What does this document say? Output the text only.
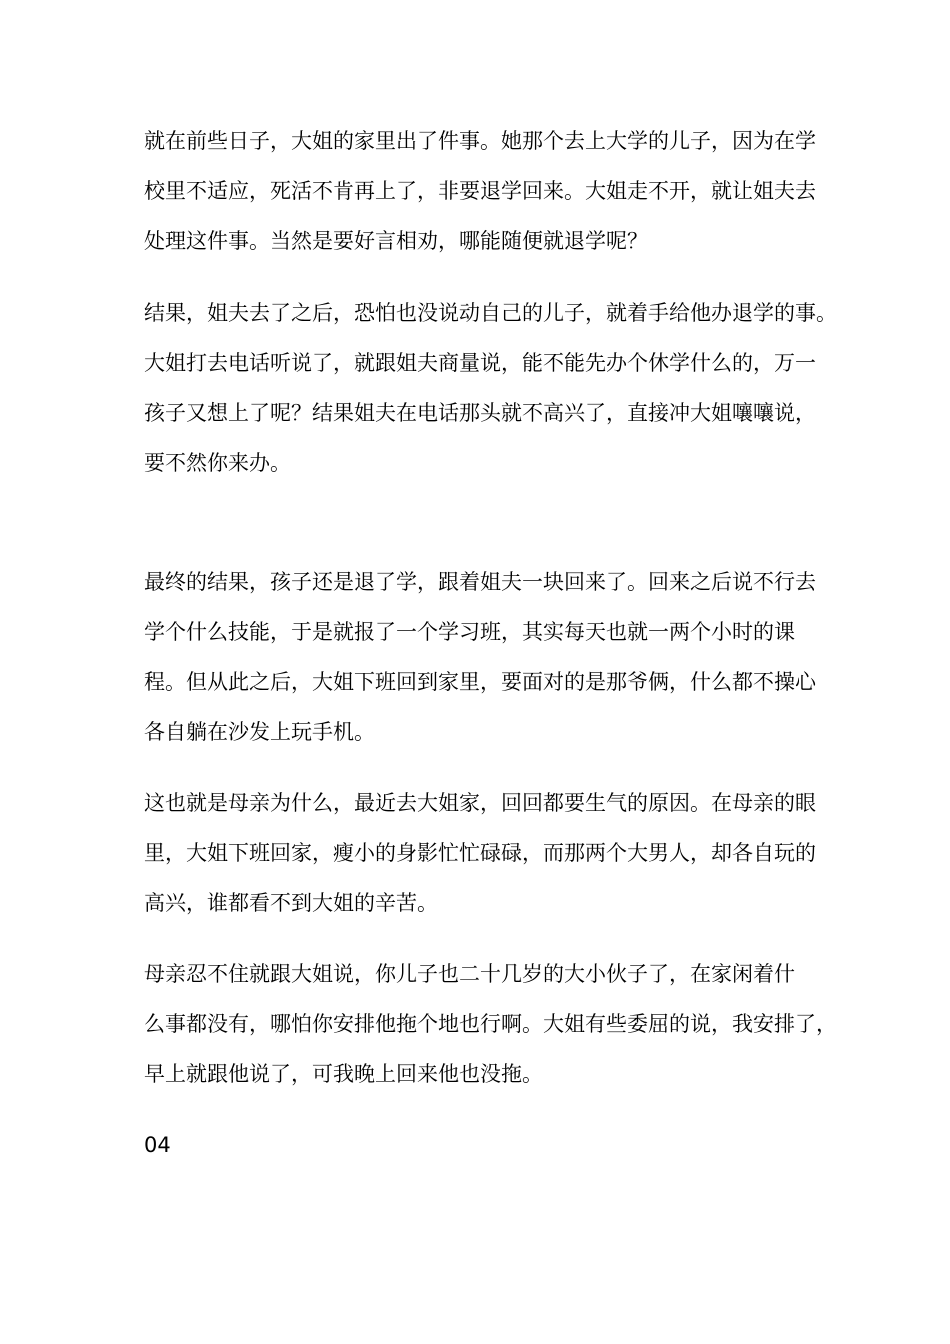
就在前些日子，大姐的家里出了件事。她那个去上大学的儿子，因为在学
校里不适应，死活不肯再上了，非要退学回来。大姐走不开，就让姐夫去
处理这件事。当然是要好言相劝，哪能随便就退学呢？

结果，姐夫去了之后，恐怕也没说动自己的儿子，就着手给他办退学的事。
大姐打去电话听说了，就跟姐夫商量说，能不能先办个休学什么的，万一
孩子又想上了呢？结果姐夫在电话那头就不高兴了，直接冲大姐嚷嚷说，
要不然你来办。

最终的结果，孩子还是退了学，跟着姐夫一块回来了。回来之后说不行去
学个什么技能，于是就报了一个学习班，其实每天也就一两个小时的课
程。但从此之后，大姐下班回到家里，要面对的是那爷俩，什么都不操心
各自躺在沙发上玩手机。

这也就是母亲为什么，最近去大姐家，回回都要生气的原因。在母亲的眼
里，大姐下班回家，瘦小的身影忙忙碌碌，而那两个大男人，却各自玩的
高兴，谁都看不到大姐的辛苦。

母亲忍不住就跟大姐说，你儿子也二十几岁的大小伙子了，在家闲着什
么事都没有，哪怕你安排他拖个地也行啊。大姐有些委屈的说，我安排了，
早上就跟他说了，可我晚上回来他也没拖。

04
